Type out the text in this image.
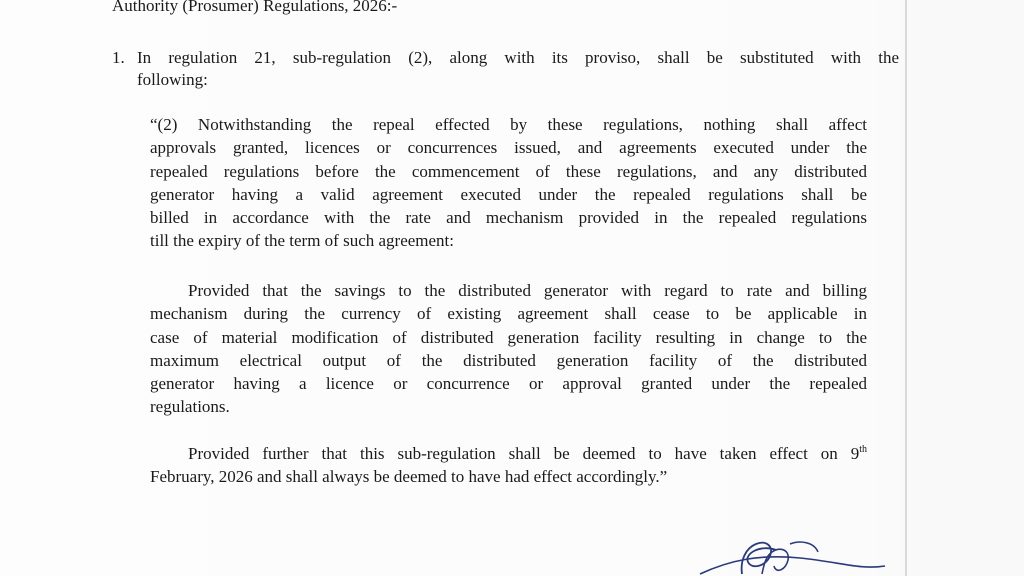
Authority (Prosumer) Regulations, 2026:-
1. In regulation 21, sub-regulation (2), along with its proviso, shall be substituted with the
following:
“(2) Notwithstanding the repeal effected by these regulations, nothing shall affect
approvals granted, licences or concurrences issued, and agreements executed under the
repealed regulations before the commencement of these regulations, and any distributed
generator having a valid agreement executed under the repealed regulations shall be
billed in accordance with the rate and mechanism provided in the repealed regulations
till the expiry of the term of such agreement:
Provided that the savings to the distributed generator with regard to rate and billing
mechanism during the currency of existing agreement shall cease to be applicable in
case of material modification of distributed generation facility resulting in change to the
maximum electrical output of the distributed generation facility of the distributed
generator having a licence or concurrence or approval granted under the repealed
regulations.
Provided further that this sub-regulation shall be deemed to have taken effect on 9th
February, 2026 and shall always be deemed to have had effect accordingly.”
